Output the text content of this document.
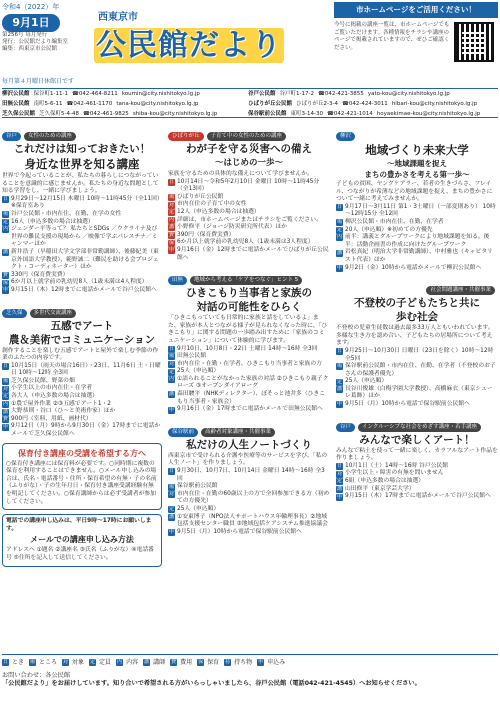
令和4（2022）年
9月1日
第256号 毎月発行
発行：公民館だより編集室
編集：西東京市公民館
西東京市
公民館だより
毎月第４月曜日休館日です
市ホームページをご活用ください！
今号に掲載の講座一覧は、市ホームページでもご覧いただけます。各種情報をチラシや講座のページで掲載されていますので、ぜひご確認ください。
柳沢公民館 保谷町1-11-1 ☎042-464-8211 koumin@city.nishitokyo.lg.jp	谷戸公民館 谷戸町1-17-2 ☎042-421-3855 yato-kou@city.nishitokyo.lg.jp
田無公民館 南町5-6-11 ☎042-461-1170 tana-kou@city.nishitokyo.lg.jp	ひばりが丘公民館 ひばりが丘2-3-4 ☎042-424-3011 hibari-kou@city.nishitokyo.lg.jp
芝久保公民館 芝久保町5-4-48 ☎042-461-9825 shiba-kou@city.nishitokyo.lg.jp	保谷駅前公民館 東町3-14-30 ☎042-421-1014 hoyaekimae-kou@city.nishitokyo.lg.jp
谷戸 女性のための講座
これだけは知っておきたい！
身近な世界を知る講座
世界で今起っていることが、私たちの暮らしにつながっていることを意識的に感じませんか。私たちの身近な問題として知る学習をし、一緒に学びましょう。
日 9月29日～12月15日 木曜日 10時～11時45分（全11回）※保育室あり
場 谷戸公民館・市内在住、在勤、在学の女性
定 16人（申込多数の場合は抽選）
内 ジェンダー平等って？ 私たちとSDGs ／ウクライナ及び世界の難民支援の現場から ／映像で学ぶパレスチナ／ミャンマーほか
講 新井浩子（早稲田大学文学部非常勤講師）、後藤紀美（東京外国語大学教授）、範野誠二（難民を助ける会プロジェクト・コーディネーター）ほか
費 330円（保育費実費）
保 6か月以上就学前の乳幼児8人（1歳未満は4人程度）
申 9月15日（木）12時までに電話かメールで谷戸公民館へ
芝久保 多世代交流講座
五感でアート
農＆美術でコミュニケーション
創作することを楽しむ五感でアートと屋外で楽しむ季節の作業のふたつの内容です。
日 10月15日（雨天の場合16日）・23日、11月6日 土・日曜日 10時～12時 全3回
場 芝久保公民館、野菜の畑
対 小学生以上の市内在住・在学者
定 各大人（申込多数の場合は抽選）
内 ①農で屋外作業 ②③五感でアート1・2
講 大野恭則・谷口（ひ～と美術作家）ほか
費 900円（室料、用紙、画材代）
申 9月12日（月）9時から9月30日（金）17時までに電話かメールで芝久保公民館へ
保育付き講座の受講を希望する方へ
○保育付き講座には保育料が必要です。○同時期に複数の保育を利用することはできません。○メール申し込みの場合は、氏名・電話番号・住所・保育希望の有無・子の名前（ふりがな）・子の生年月日・保育付き講座受講経験有無を明記してください。○保育講師からは必ず受講者が参加してください。
電話での講座申し込みは、平日9時～17時にお願いします。
メールでの講座申し込み方法
アドレスへ ①題名 ②講座名 ③氏名（ふりがな）④電話番号 ⑤住所を記入して送信してください。
ひばりが丘 子育て中の女性のための講座
わが子を守る災害への備え
～はじめの一歩～
家族を守るための具体的な備えについて学びませんか。
日 10月14日～令和5年2月10日 金曜日 10時～11時45分（全13回）
場 ひばりが丘公民館
対 市内在住の子育て中の女性
定 12人（申込多数の場合は抽選）
内 詳細は、市ホームページまたはチラシをご覧ください。
講 小野修平（ジョージ防災研究所代表）ほか
費 390円（保育費実費）
保 6か月以上就学前の乳幼児8人（1歳未満は3人程度）
申 9月16日（金）12時までに電話かメールでひばりが丘公民館へ
田無 地域から考える「ケアをつなぐ」ヒント 5
ひきこもり当事者と家族の
対話の可能性をひらく
「ひきこもっていても日常的に家族と話をしているよ」また、家族が本人とつながる様子が見られなくなった時に、「ひきこもり」に関する問題の一歩踏み出すために「家族のコミュニケーション」について体験的に学びます。
日 9月10日、10月8日・22日 土曜日 14時～16時 全3回
場 田無公民館
対 市内在住・在勤・在学者、ひきこもり当事者と家族の方
定 25人（申込順）
内 ①語られることがなかった家族の対話 ②ひきこもり親子クローズ ③オープンダイアローグ
講 森田駿平（NHKディレクター）、ぼそっと池井多（ひきこもり当事者・家族会）
申 9月16日（金）17時までに電話かメールで田無公民館へ
保谷駅前 高齢者対象講座・共催事業
私だけの人生ノートづくり
西東京市で受けられる介護や医療等のサービスを学び、「私の人生ノート」を作りましょう。
日 9月30日、10月7日、10月14日 金曜日 14時～16時 全3回
場 保谷駅前公民館
対 市内在住・在勤の60歳以上の方で全回参加できる方（初めての方優先）
定 25人（申込順）
講 ①安東博子（NPO法人サポートハウス年輪理事長）②地域包括支援センター職員 ③地域包括ケアシステム推進協議会
申 9月5日（月）10時から電話で保谷駅前公民館へ
柳沢
地域づくり未来大学
～地域課題を捉え
まちの豊かさを考える第一歩～
子どもの貧困、ヤングケアラー、若者の生きづらさ、フレイル、つながりが希薄などの地域課題を捉え、まちの豊かさについて一緒に考えてみませんか。
日 9月17日～3月11日 第1・3土曜日（一部変則あり） 10時～12時15分 全12回
場 柳沢公民館・市内在住、在勤、在学者
定 20人（申込順）※初めての方優先
内 前半：講義とグループワークにより地域課題を知る。後半：活動企画書の作成に向けたグループワーク
講 岩松真紀（明治大学非常勤講師）、中村雅也（キャピタリスト代表）ほか
申 9月2日（金）10時から電話かメールで柳沢公民館へ
社会問題講座・共催事業
不登校の子どもたちと共に
歩む社会
不登校の児童生徒数は過去最多33万人ともいわれています。多様な生き方を認め合い、子どもたちの居場所について考えます。
日 9月25日～10月30日 日曜日（23日を除く）10時～12時 全5回
場 保谷駅前公民館・市内在住、在勤、在学者（不登校のお子さんの保護者優先）
定 25人（申込順）
講 長谷川俊雄（白梅学園大学教授）、高橋麻衣（東京シューレ葛飾）ほか
申 9月5日（月）10時から電話で保谷駅前公民館へ
谷戸 インクルーシブな社会をめざす講座・若手講座
みんなで楽しくアート！
みんなで粘土を使って一緒に楽しく、カラフルなアート作品を作りましょう。
日 10月1日（土）14時～16時 谷戸公民館
対 小学生以上・障害の有無を問いません
定 6組（申込多数の場合は抽選）
講 山田修平（東京学芸大学）
申 9月15日（木）17時までに電話かメールで谷戸公民館へ
日 とき 場 ところ 対 対象 定 定員 内 内容 講 講師 費 費用 保 保育 持 持ち物 申 申込み
お問い合わせ：各公民館
「公民館だより」をお届けしています。知り合いで希望される方がいらっしゃいましたら、谷戸公民館（電話042-421-4545）へお知らせください。
